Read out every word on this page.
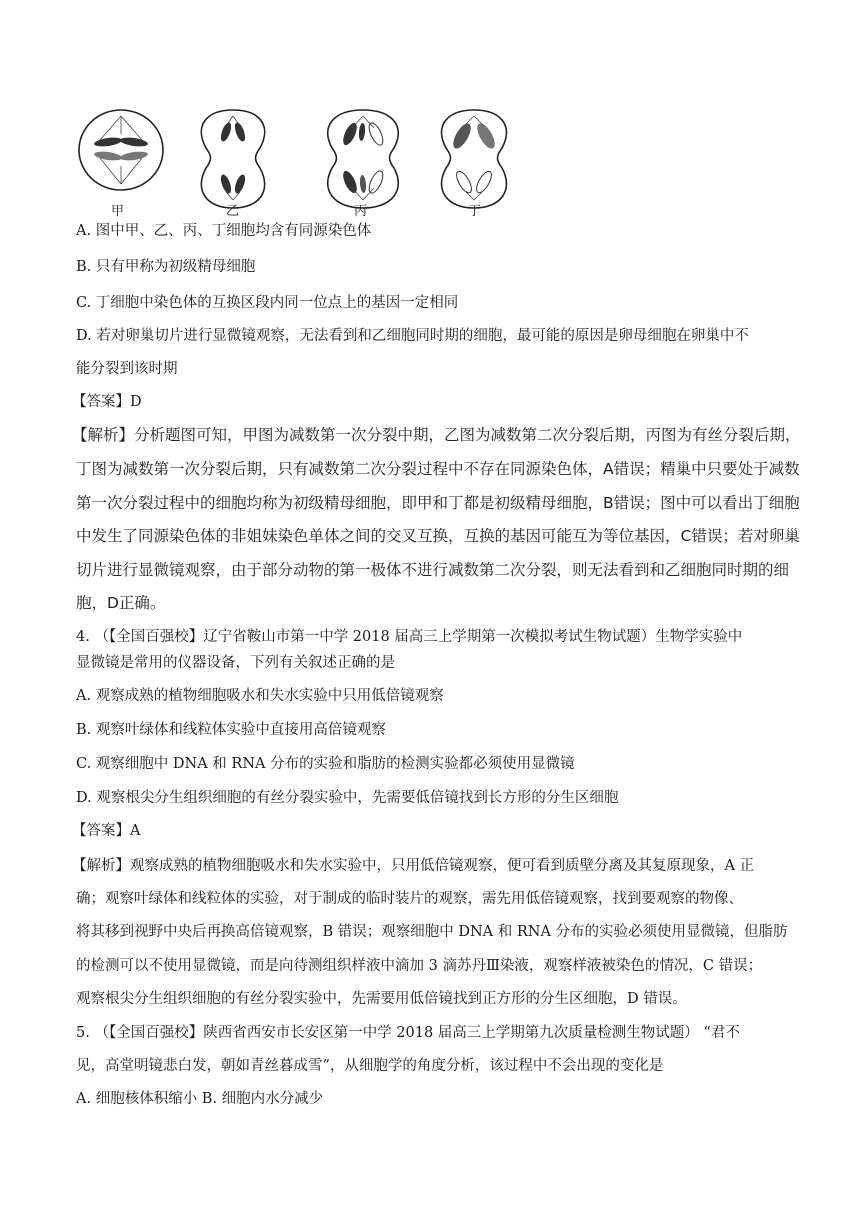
甲	乙	丙	丁
A. 图中甲、乙、丙、丁细胞均含有同源染色体
B. 只有甲称为初级精母细胞
C. 丁细胞中染色体的互换区段内同一位点上的基因一定相同
D. 若对卵巢切片进行显微镜观察，无法看到和乙细胞同时期的细胞，最可能的原因是卵母细胞在卵巢中不
能分裂到该时期
【答案】D
【解析】分析题图可知，甲图为减数第一次分裂中期，乙图为减数第二次分裂后期，丙图为有丝分裂后期，
丁图为减数第一次分裂后期，只有减数第二次分裂过程中不存在同源染色体，A错误；精巢中只要处于减数
第一次分裂过程中的细胞均称为初级精母细胞，即甲和丁都是初级精母细胞，B错误；图中可以看出丁细胞
中发生了同源染色体的非姐妹染色单体之间的交叉互换，互换的基因可能互为等位基因，C错误；若对卵巢
切片进行显微镜观察，由于部分动物的第一极体不进行减数第二次分裂，则无法看到和乙细胞同时期的细
胞，D正确。
4. （【全国百强校】辽宁省鞍山市第一中学 2018 届高三上学期第一次模拟考试生物试题）生物学实验中
显微镜是常用的仪器设备，下列有关叙述正确的是
A. 观察成熟的植物细胞吸水和失水实验中只用低倍镜观察
B. 观察叶绿体和线粒体实验中直接用高倍镜观察
C. 观察细胞中 DNA 和 RNA 分布的实验和脂肪的检测实验都必须使用显微镜
D. 观察根尖分生组织细胞的有丝分裂实验中，先需要低倍镜找到长方形的分生区细胞
【答案】A
【解析】观察成熟的植物细胞吸水和失水实验中，只用低倍镜观察，便可看到质壁分离及其复原现象，A 正
确；观察叶绿体和线粒体的实验，对于制成的临时装片的观察，需先用低倍镜观察，找到要观察的物像、
将其移到视野中央后再换高倍镜观察，B 错误；观察细胞中 DNA 和 RNA 分布的实验必须使用显微镜，但脂肪
的检测可以不使用显微镜，而是向待测组织样液中滴加 3 滴苏丹Ⅲ染液，观察样液被染色的情况，C 错误；
观察根尖分生组织细胞的有丝分裂实验中，先需要用低倍镜找到正方形的分生区细胞，D 错误。
5. （【全国百强校】陕西省西安市长安区第一中学 2018 届高三上学期第九次质量检测生物试题） “君不
见，高堂明镜悲白发，朝如青丝暮成雪”，从细胞学的角度分析，该过程中不会出现的变化是
A. 细胞核体积缩小 B. 细胞内水分减少
